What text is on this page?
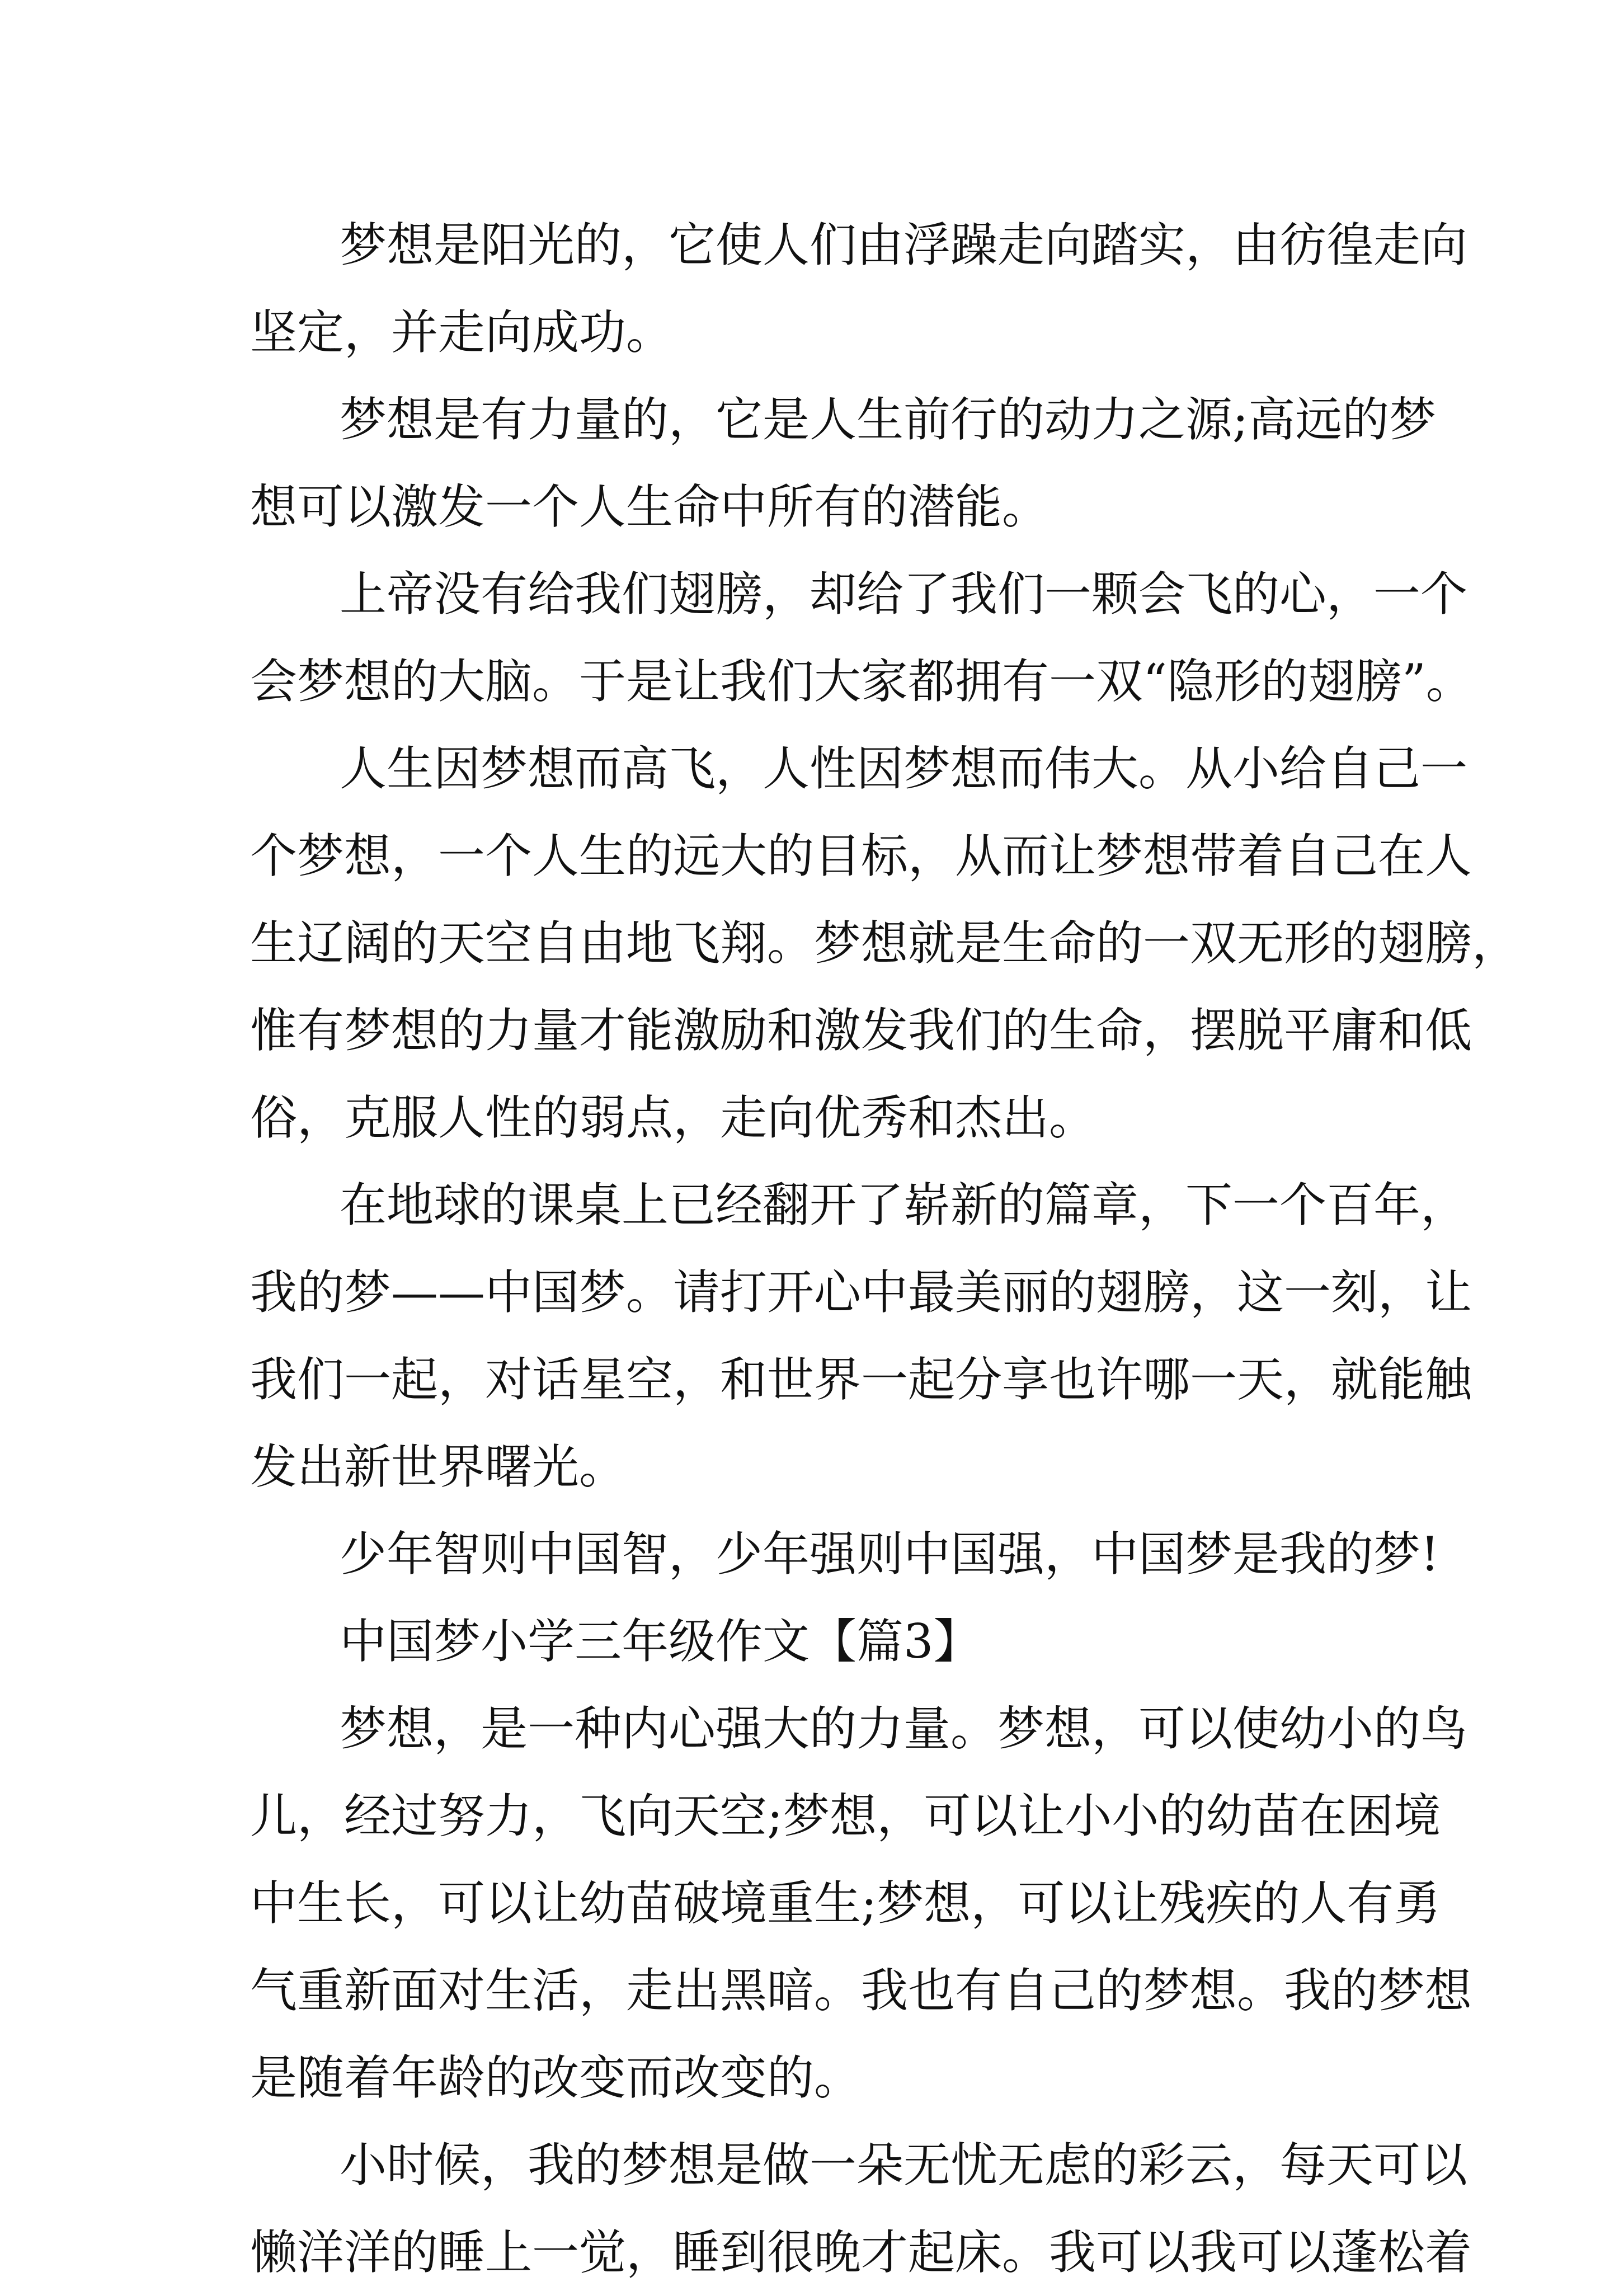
梦想是阳光的，它使人们由浮躁走向踏实，由彷徨走向
坚定，并走向成功。
梦想是有力量的，它是人生前行的动力之源;高远的梦
想可以激发一个人生命中所有的潜能。
上帝没有给我们翅膀，却给了我们一颗会飞的心，一个
会梦想的大脑。于是让我们大家都拥有一双“隐形的翅膀”。
人生因梦想而高飞，人性因梦想而伟大。从小给自己一
个梦想，一个人生的远大的目标，从而让梦想带着自己在人
生辽阔的天空自由地飞翔。梦想就是生命的一双无形的翅膀，
惟有梦想的力量才能激励和激发我们的生命，摆脱平庸和低
俗，克服人性的弱点，走向优秀和杰出。
在地球的课桌上已经翻开了崭新的篇章，下一个百年，
我的梦——中国梦。请打开心中最美丽的翅膀，这一刻，让
我们一起，对话星空，和世界一起分享也许哪一天，就能触
发出新世界曙光。
少年智则中国智，少年强则中国强，中国梦是我的梦!
中国梦小学三年级作文【篇3】
梦想，是一种内心强大的力量。梦想，可以使幼小的鸟
儿，经过努力，飞向天空;梦想，可以让小小的幼苗在困境
中生长，可以让幼苗破境重生;梦想，可以让残疾的人有勇
气重新面对生活，走出黑暗。我也有自己的梦想。我的梦想
是随着年龄的改变而改变的。
小时候，我的梦想是做一朵无忧无虑的彩云，每天可以
懒洋洋的睡上一觉，睡到很晚才起床。我可以我可以蓬松着
